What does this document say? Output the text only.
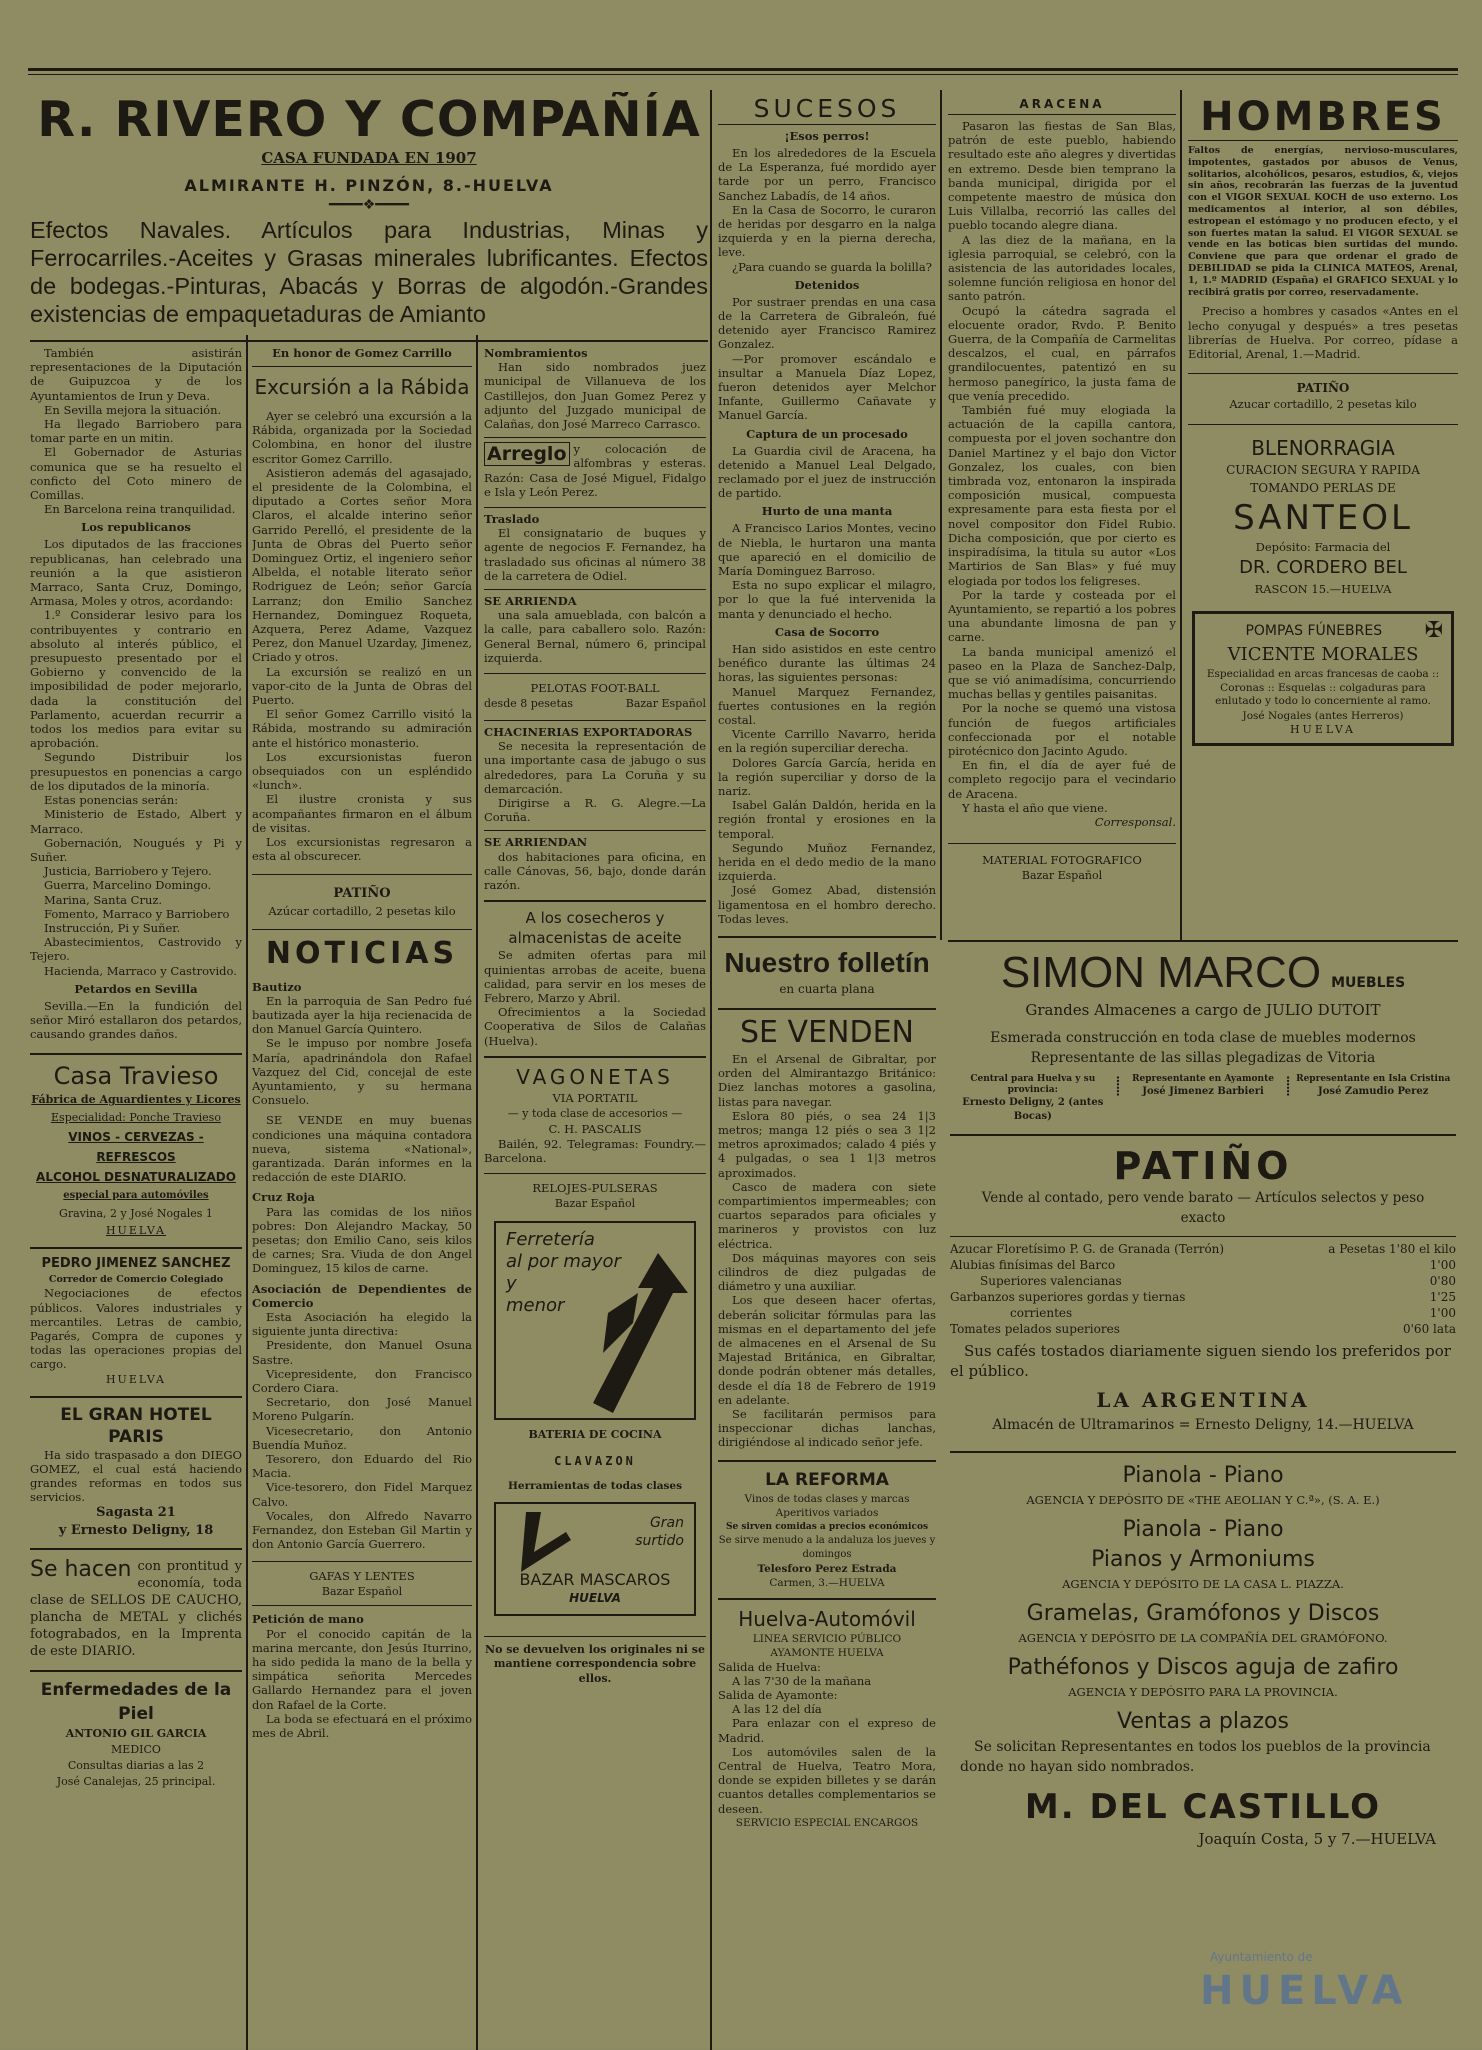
R. RIVERO Y COMPAÑÍA
CASA FUNDADA EN 1907
ALMIRANTE H. PINZÓN, 8.-HUELVA
━━━━❖━━━━
Efectos Navales. Artículos para Industrias, Minas y Ferrocarriles.-Aceites y Grasas minerales lubrificantes. Efectos de bodegas.-Pinturas, Abacás y Borras de algodón.-Grandes existencias de empaquetaduras de Amianto

También asistirán representaciones de la Diputación de Guipuzcoa y de los Ayuntamientos de Irun y Deva.

En Sevilla mejora la situación.

Ha llegado Barriobero para tomar parte en un mitin.

El Gobernador de Asturias comunica que se ha resuelto el conficto del Coto minero de Comillas.

En Barcelona reina tranquilidad.

Los republicanos

Los diputados de las fracciones republicanas, han celebrado una reunión a la que asistieron Marraco, Santa Cruz, Domingo, Armasa, Moles y otros, acordando:

1.º Considerar lesivo para los contribuyentes y contrario en absoluto al interés público, el presupuesto presentado por el Gobierno y convencido de la imposibilidad de poder mejorarlo, dada la constitución del Parlamento, acuerdan recurrir a todos los medios para evitar su aprobación.

Segundo Distribuir los presupuestos en ponencias a cargo de los diputados de la minoría.

Estas ponencias serán:

Ministerio de Estado, Albert y Marraco.

Gobernación, Nougués y Pi y Suñer.

Justicia, Barriobero y Tejero.

Guerra, Marcelino Domingo.

Marina, Santa Cruz.

Fomento, Marraco y Barriobero

Instrucción, Pi y Suñer.

Abastecimientos, Castrovido y Tejero.

Hacienda, Marraco y Castrovido.

Petardos en Sevilla

Sevilla.—En la fundición del señor Miró estallaron dos petardos, causando grandes daños.

Casa Travieso
Fábrica de Aguardientes y Licores
Especialidad: Ponche Travieso
VINOS - CERVEZAS - REFRESCOS
ALCOHOL DESNATURALIZADO
especial para automóviles
Gravina, 2 y José Nogales 1
HUELVA
PEDRO JIMENEZ SANCHEZ
Corredor de Comercio Colegiado

Negociaciones de efectos públicos. Valores industriales y mercantiles. Letras de cambio, Pagarés, Compra de cupones y todas las operaciones propias del cargo.

HUELVA
EL GRAN HOTEL PARIS

Ha sido traspasado a don DIEGO GOMEZ, el cual está haciendo grandes reformas en todos sus servicios.

Sagasta 21
y Ernesto Deligny, 18

Se hacen con prontitud y economía, toda clase de SELLOS DE CAUCHO, plancha de METAL y clichés fotograbados, en la Imprenta de este DIARIO.

Enfermedades de la Piel
ANTONIO GIL GARCIA
MEDICO
Consultas diarias a las 2
José Canalejas, 25 principal.
En honor de Gomez Carrillo
Excursión a la Rábida

Ayer se celebró una excursión a la Rábida, organizada por la Sociedad Colombina, en honor del ilustre escritor Gomez Carrillo.

Asistieron además del agasajado, el presidente de la Colombina, el diputado a Cortes señor Mora Claros, el alcalde interino señor Garrido Perelló, el presidente de la Junta de Obras del Puerto señor Dominguez Ortiz, el ingeniero señor Albelda, el notable literato señor Rodriguez de León; señor García Larranz; don Emilio Sanchez Hernandez, Dominguez Roqueta, Azquета, Perez Adame, Vazquez Perez, don Manuel Uzarday, Jimenez, Criado y otros.

La excursión se realizó en un vapor-cito de la Junta de Obras del Puerto.

El señor Gomez Carrillo visitó la Rábida, mostrando su admiración ante el histórico monasterio.

Los excursionistas fueron obsequiados con un espléndido «lunch».

El ilustre cronista y sus acompañantes firmaron en el álbum de visitas.

Los excursionistas regresaron a esta al obscurecer.

PATIÑO
Azúcar cortadillo, 2 pesetas kilo
NOTICIAS

Bautizo

En la parroquia de San Pedro fué bautizada ayer la hija recienacida de don Manuel García Quintero.

Se le impuso por nombre Josefa María, apadrinándola don Rafael Vazquez del Cid, concejal de este Ayuntamiento, y su hermana Consuelo.

SE VENDE en muy buenas condiciones una máquina contadora nueva, sistema «National», garantizada. Darán informes en la redacción de este DIARIO.

Cruz Roja

Para las comidas de los niños pobres: Don Alejandro Mackay, 50 pesetas; don Emilio Cano, seis kilos de carnes; Sra. Viuda de don Angel Dominguez, 15 kilos de carne.

Asociación de Dependientes de Comercio

Esta Asociación ha elegido la siguiente junta directiva:

Presidente, don Manuel Osuna Sastre.

Vicepresidente, don Francisco Cordero Ciara.

Secretario, don José Manuel Moreno Pulgarín.

Vicesecretario, don Antonio Buendía Muñoz.

Tesorero, don Eduardo del Rio Macia.

Vice-tesorero, don Fidel Marquez Calvo.

Vocales, don Alfredo Navarro Fernandez, don Esteban Gil Martin y don Antonio García Guerrero.

GAFAS Y LENTES
Bazar Español

Petición de mano

Por el conocido capitán de la marina mercante, don Jesús Iturrino, ha sido pedida la mano de la bella y simpática señorita Mercedes Gallardo Hernandez para el joven don Rafael de la Corte.

La boda se efectuará en el próximo mes de Abril.

Nombramientos

Han sido nombrados juez municipal de Villanueva de los Castillejos, don Juan Gomez Perez y adjunto del Juzgado municipal de Calañas, don José Marreco Carrasco.

Arreglo y colocación de alfombras y esteras. Razón: Casa de José Miguel, Fidalgo e Isla y León Perez.

Traslado

El consignatario de buques y agente de negocios F. Fernandez, ha trasladado sus oficinas al número 38 de la carretera de Odiel.

SE ARRIENDA

una sala amueblada, con balcón a la calle, para caballero solo. Razón: General Bernal, número 6, principal izquierda.

PELOTAS FOOT-BALL
desde 8 pesetas	Bazar Español

CHACINERIAS EXPORTADORAS

Se necesita la representación de una importante casa de jabugo o sus alrededores, para La Coruña y su demarcación.

Dirigirse a R. G. Alegre.—La Coruña.

SE ARRIENDAN

dos habitaciones para oficina, en calle Cánovas, 56, bajo, donde darán razón.

A los cosecheros y almacenistas de aceite

Se admiten ofertas para mil quinientas arrobas de aceite, buena calidad, para servir en los meses de Febrero, Marzo y Abril.

Ofrecimientos a la Sociedad Cooperativa de Silos de Calañas (Huelva).

VAGONETAS
VIA PORTATIL
— y toda clase de accesorios —
C. H. PASCALIS

Bailén, 92. Telegramas: Foundry.—Barcelona.

RELOJES-PULSERAS
Bazar Español
Ferretería
al por mayor
y
menor
BATERIA DE COCINA
CLAVAZON
Herramientas de todas clases
Gran
surtido
BAZAR MASCAROS
HUELVA

No se devuelven los originales ni se mantiene correspondencia sobre ellos.

SUCESOS
¡Esos perros!

En los alrededores de la Escuela de La Esperanza, fué mordido ayer tarde por un perro, Francisco Sanchez Labadís, de 14 años.

En la Casa de Socorro, le curaron de heridas por desgarro en la nalga izquierda y en la pierna derecha, leve.

¿Para cuando se guarda la bolilla?

Detenidos

Por sustraer prendas en una casa de la Carretera de Gibraleón, fué detenido ayer Francisco Ramirez Gonzalez.

—Por promover escándalo e insultar a Manuela Díaz Lopez, fueron detenidos ayer Melchor Infante, Guillermo Cañavate y Manuel García.

Captura de un procesado

La Guardia civil de Aracena, ha detenido a Manuel Leal Delgado, reclamado por el juez de instrucción de partido.

Hurto de una manta

A Francisco Larios Montes, vecino de Niebla, le hurtaron una manta que apareció en el domicilio de María Dominguez Barroso.

Esta no supo explicar el milagro, por lo que la fué intervenida la manta y denunciado el hecho.

Casa de Socorro

Han sido asistidos en este centro benéfico durante las últimas 24 horas, las siguientes personas:

Manuel Marquez Fernandez, fuertes contusiones en la región costal.

Vicente Carrillo Navarro, herida en la región superciliar derecha.

Dolores García García, herida en la región superciliar y dorso de la nariz.

Isabel Galán Daldón, herida en la región frontal y erosiones en la temporal.

Segundo Muñoz Fernandez, herida en el dedo medio de la mano izquierda.

José Gomez Abad, distensión ligamentosa en el hombro derecho. Todas leves.

Nuestro folletín
en cuarta plana
SE VENDEN

En el Arsenal de Gibraltar, por orden del Almirantazgo Británico: Diez lanchas motores a gasolina, listas para navegar.

Eslora 80 piés, o sea 24 1|3 metros; manga 12 piés o sea 3 1|2 metros aproximados; calado 4 piés y 4 pulgadas, o sea 1 1|3 metros aproximados.

Casco de madera con siete compartimientos impermeables; con cuartos separados para oficiales y marineros y provistos con luz eléctrica.

Dos máquinas mayores con seis cilindros de diez pulgadas de diámetro y una auxiliar.

Los que deseen hacer ofertas, deberán solicitar fórmulas para las mismas en el departamento del jefe de almacenes en el Arsenal de Su Majestad Británica, en Gibraltar, donde podrán obtener más detalles, desde el día 18 de Febrero de 1919 en adelante.

Se facilitarán permisos para inspeccionar dichas lanchas, dirigiéndose al indicado señor jefe.

LA REFORMA
Vinos de todas clases y marcas
Aperitivos variados
Se sirven comidas a precios económicos
Se sirve menudo a la andaluza los jueves y domingos
Telesforo Perez Estrada
Carmen, 3.—HUELVA
Huelva-Automóvil
LINEA SERVICIO PÚBLICO
AYAMONTE HUELVA

Salida de Huelva:

A las 7'30 de la mañana

Salida de Ayamonte:

A las 12 del día

Para enlazar con el expreso de Madrid.

Los automóviles salen de la Central de Huelva, Teatro Mora, donde se expiden billetes y se darán cuantos detalles complementarios se deseen.

SERVICIO ESPECIAL ENCARGOS
ARACENA

Pasaron las fiestas de San Blas, patrón de este pueblo, habiendo resultado este año alegres y divertidas en extremo. Desde bien temprano la banda municipal, dirigida por el competente maestro de música don Luis Villalba, recorrió las calles del pueblo tocando alegre diana.

A las diez de la mañana, en la iglesia parroquial, se celebró, con la asistencia de las autoridades locales, solemne función religiosa en honor del santo patrón.

Ocupó la cátedra sagrada el elocuente orador, Rvdo. P. Benito Guerra, de la Compañía de Carmelitas descalzos, el cual, en párrafos grandilocuentes, patentizó en su hermoso panegírico, la justa fama de que venía precedido.

También fué muy elogiada la actuación de la capilla cantora, compuesta por el joven sochantre don Daniel Martinez y el bajo don Victor Gonzalez, los cuales, con bien timbrada voz, entonaron la inspirada composición musical, compuesta expresamente para esta fiesta por el novel compositor don Fidel Rubio. Dicha composición, que por cierto es inspiradísima, la titula su autor «Los Martirios de San Blas» y fué muy elogiada por todos los feligreses.

Por la tarde y costeada por el Ayuntamiento, se repartió a los pobres una abundante limosna de pan y carne.

La banda municipal amenizó el paseo en la Plaza de Sanchez-Dalp, que se vió animadísima, concurriendo muchas bellas y gentiles paisanitas.

Por la noche se quemó una vistosa función de fuegos artificiales confeccionada por el notable pirotécnico don Jacinto Agudo.

En fin, el día de ayer fué de completo regocijo para el vecindario de Aracena.

Y hasta el año que viene.

Corresponsal.

MATERIAL FOTOGRAFICO
Bazar Español
HOMBRES

Faltos de energías, nervioso-musculares, impotentes, gastados por abusos de Venus, solitarios, alcohólicos, pesaros, estudios, &, viejos sin años, recobrarán las fuerzas de la juventud con el VIGOR SEXUAL KOCH de uso externo. Los medicamentos al interior, al son débiles, estropean el estómago y no producen efecto, y el son fuertes matan la salud. El VIGOR SEXUAL se vende en las boticas bien surtidas del mundo. Conviene que para que ordenar el grado de DEBILIDAD se pida la CLINICA MATEOS, Arenal, 1, 1.º MADRID (España) el GRAFICO SEXUAL y lo recibirá gratis por correo, reservadamente.

Preciso a hombres y casados «Antes en el lecho conyugal y después» a tres pesetas librerías de Huelva. Por correo, pídase a Editorial, Arenal, 1.—Madrid.

PATIÑO
Azucar cortadillo, 2 pesetas kilo
BLENORRAGIA
CURACION SEGURA Y RAPIDA
TOMANDO PERLAS DE
SANTEOL
Depósito: Farmacia del
DR. CORDERO BEL
RASCON 15.—HUELVA
POMPAS FÚNEBRES	✠
VICENTE MORALES

Especialidad en arcas francesas de caoba :: Coronas :: Esquelas :: colgaduras para enlutado y todo lo concerniente al ramo.

José Nogales (antes Herreros)
HUELVA
SIMON MARCO MUEBLES
Grandes Almacenes a cargo de JULIO DUTOIT
Esmerada construcción en toda clase de muebles modernos
Representante de las sillas plegadizas de Vitoria
Central para Huelva y su provincia:
Ernesto Deligny, 2 (antes Bocas)
⸽	Representante en Ayamonte
José Jimenez Barbieri	⸽ Representante en Isla Cristina
José Zamudio Perez
PATIÑO
Vende al contado, pero vende barato — Artículos selectos y peso exacto
Azucar Floretísimo P. G. de Granada (Terrón)	a Pesetas 1'80 el kilo
Alubias finísimas del Barco	1'00
Superiores valencianas	0'80
Garbanzos superiores gordas y tiernas	1'25
corrientes	1'00
Tomates pelados superiores	0'60 lata

Sus cafés tostados diariamente siguen siendo los preferidos por el público.

LA ARGENTINA
Almacén de Ultramarinos = Ernesto Deligny, 14.—HUELVA
Pianola - Piano
AGENCIA Y DEPÓSITO DE «THE AEOLIAN Y C.ª», (S. A. E.)
Pianola - Piano
Pianos y Armoniums
AGENCIA Y DEPÓSITO DE LA CASA L. PIAZZA.
Gramelas, Gramófonos y Discos
AGENCIA Y DEPÓSITO DE LA COMPAÑÍA DEL GRAMÓFONO.
Pathéfonos y Discos aguja de zafiro
AGENCIA Y DEPÓSITO PARA LA PROVINCIA.
Ventas a plazos

Se solicitan Representantes en todos los pueblos de la provincia donde no hayan sido nombrados.

M. DEL CASTILLO
Joaquín Costa, 5 y 7.—HUELVA
Ayuntamiento de
HUELVA
